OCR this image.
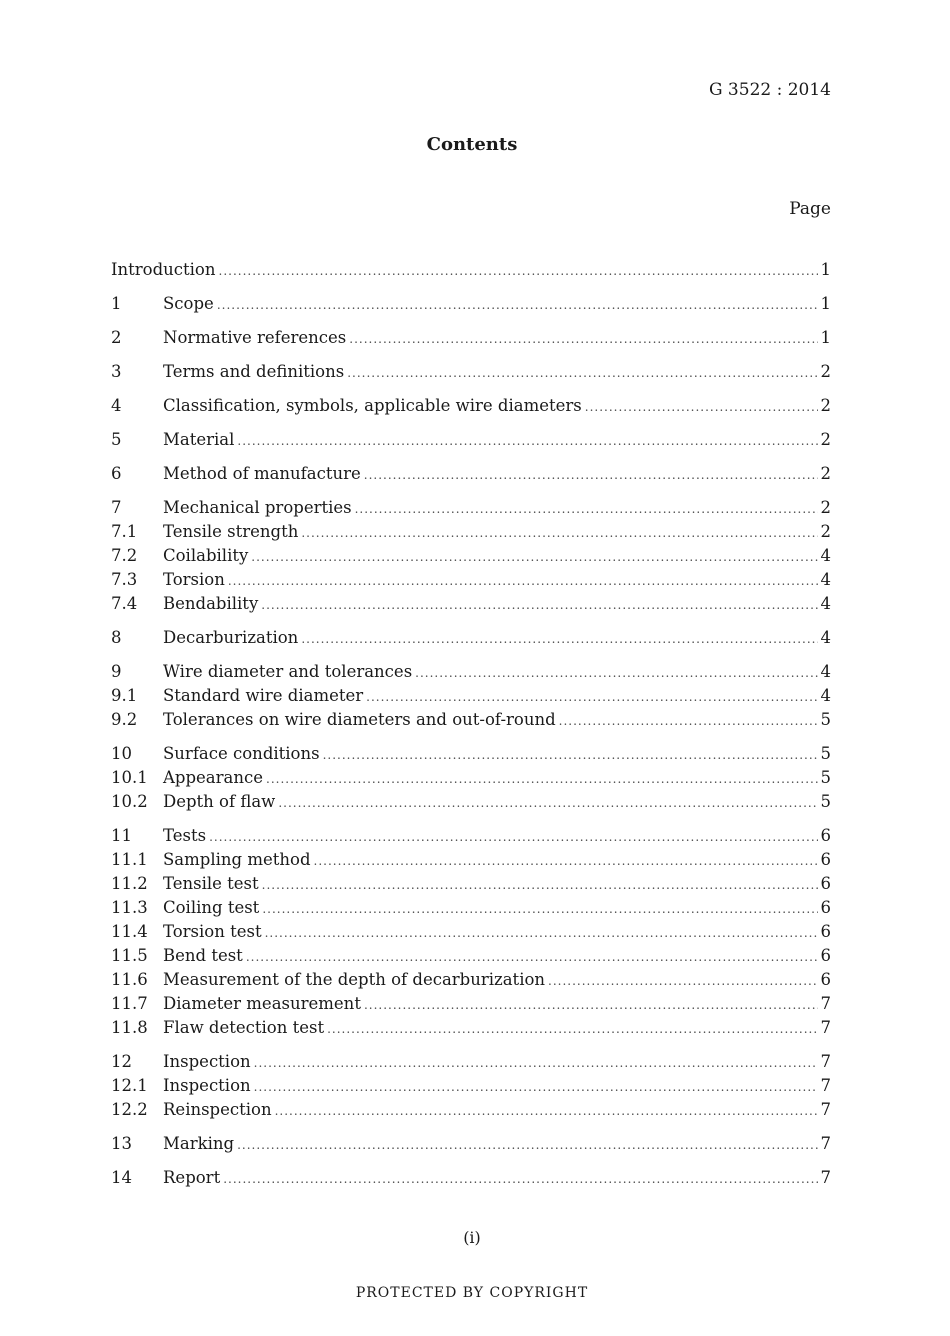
G 3522 : 2014
Contents
Page
Introduction .....	1
1	Scope .....	1
2	Normative references .....	1
3	Terms and definitions .....	2
4	Classification, symbols, applicable wire diameters .....	2
5	Material .....	2
6	Method of manufacture .....	2
7	Mechanical properties .....	2
7.1	Tensile strength .....	2
7.2	Coilability .....	4
7.3	Torsion .....	4
7.4	Bendability .....	4
8	Decarburization .....	4
9	Wire diameter and tolerances .....	4
9.1	Standard wire diameter .....	4
9.2	Tolerances on wire diameters and out-of-round .....	5
10	Surface conditions .....	5
10.1 Appearance .....	5
10.2 Depth of flaw .....	5
11	Tests .....	6
11.1 Sampling method .....	6
11.2 Tensile test .....	6
11.3 Coiling test .....	6
11.4 Torsion test .....	6
11.5 Bend test .....	6
11.6 Measurement of the depth of decarburization .....	6
11.7 Diameter measurement .....	7
11.8 Flaw detection test .....	7
12	Inspection .....	7
12.1 Inspection .....	7
12.2 Reinspection .....	7
13	Marking .....	7
14	Report .....	7
(i)
PROTECTED BY COPYRIGHT
